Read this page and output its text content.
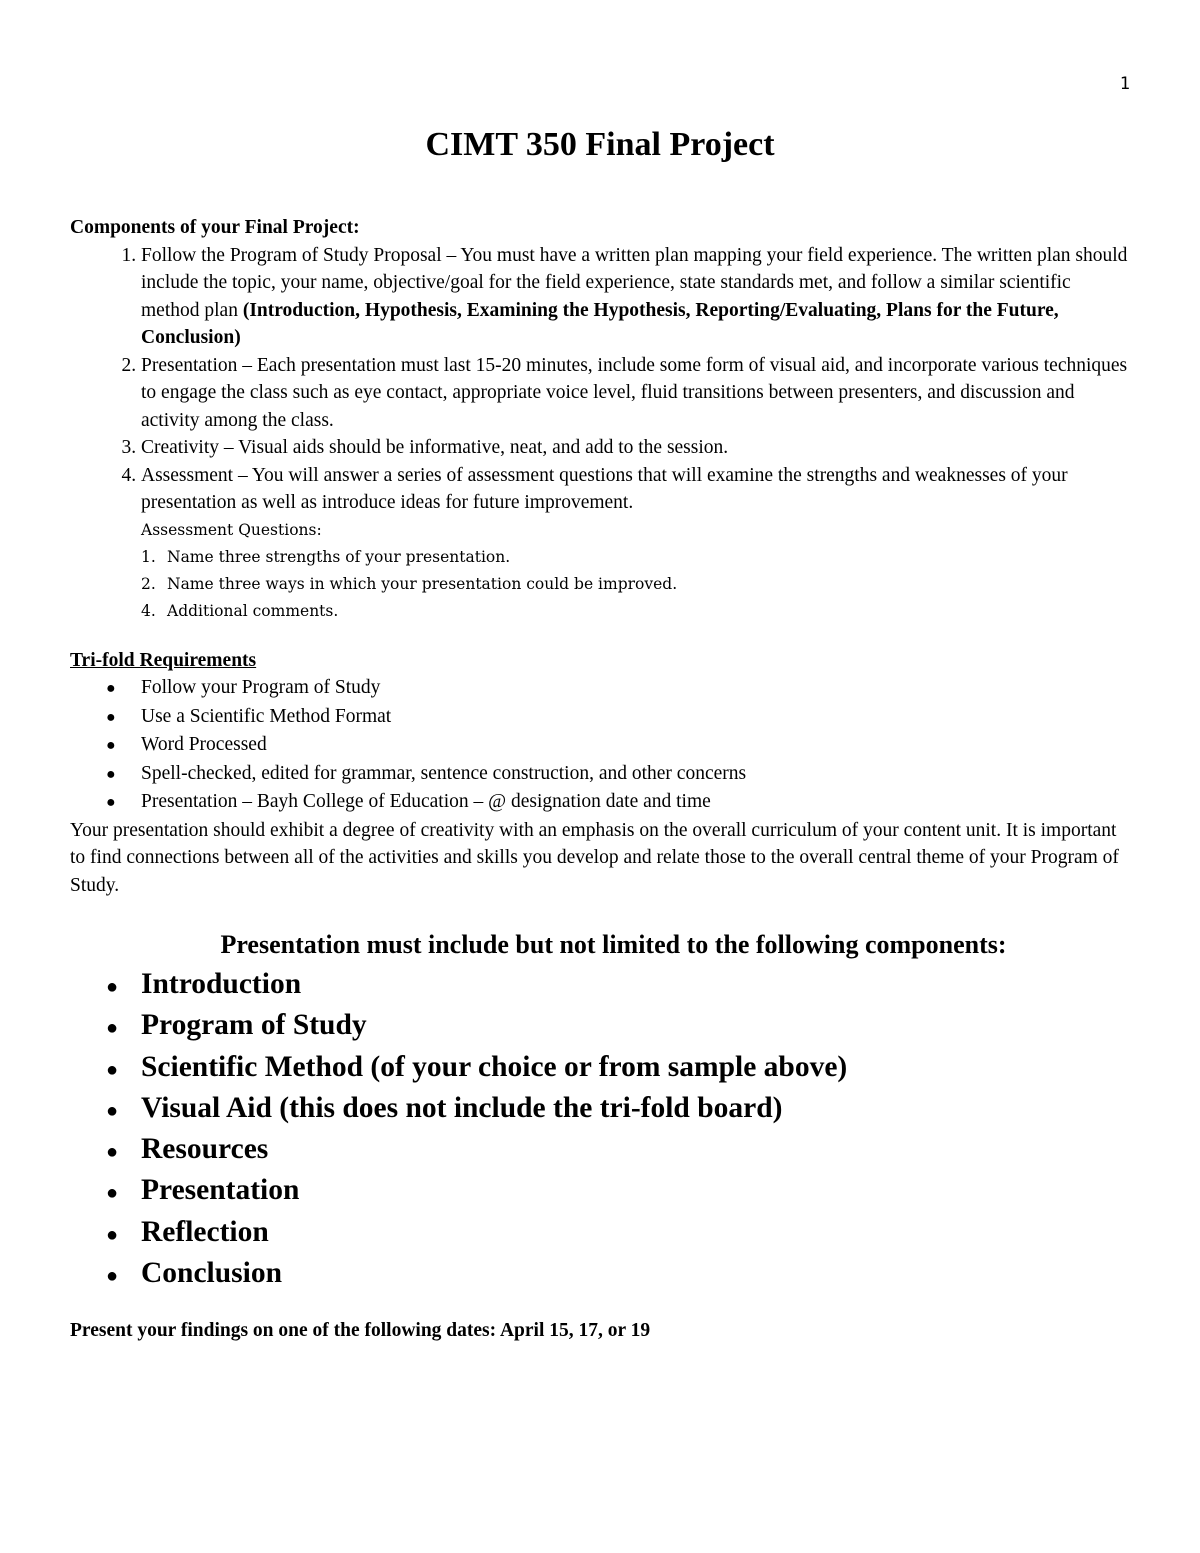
1
CIMT 350 Final Project

Components of your Final Project:

1. Follow the Program of Study Proposal – You must have a written plan mapping your field experience. The written plan should include the topic, your name, objective/goal for the field experience, state standards met, and follow a similar scientific method plan (Introduction, Hypothesis, Examining the Hypothesis, Reporting/Evaluating, Plans for the Future, Conclusion)
2. Presentation – Each presentation must last 15-20 minutes, include some form of visual aid, and incorporate various techniques to engage the class such as eye contact, appropriate voice level, fluid transitions between presenters, and discussion and activity among the class.
3. Creativity – Visual aids should be informative, neat, and add to the session.
4. Assessment – You will answer a series of assessment questions that will examine the strengths and weaknesses of your presentation as well as introduce ideas for future improvement.

Assessment Questions:

1. Name three strengths of your presentation.
2. Name three ways in which your presentation could be improved.
4. Additional comments.

Tri-fold Requirements

●	Follow your Program of Study
●	Use a Scientific Method Format
●	Word Processed
●	Spell-checked, edited for grammar, sentence construction, and other concerns
●	Presentation – Bayh College of Education – @ designation date and time

Your presentation should exhibit a degree of creativity with an emphasis on the overall curriculum of your content unit. It is important to find connections between all of the activities and skills you develop and relate those to the overall central theme of your Program of Study.

Presentation must include but not limited to the following components:

● Introduction
● Program of Study
● Scientific Method (of your choice or from sample above)
● Visual Aid (this does not include the tri-fold board)
● Resources
● Presentation
● Reflection
● Conclusion

Present your findings on one of the following dates: April 15, 17, or 19
